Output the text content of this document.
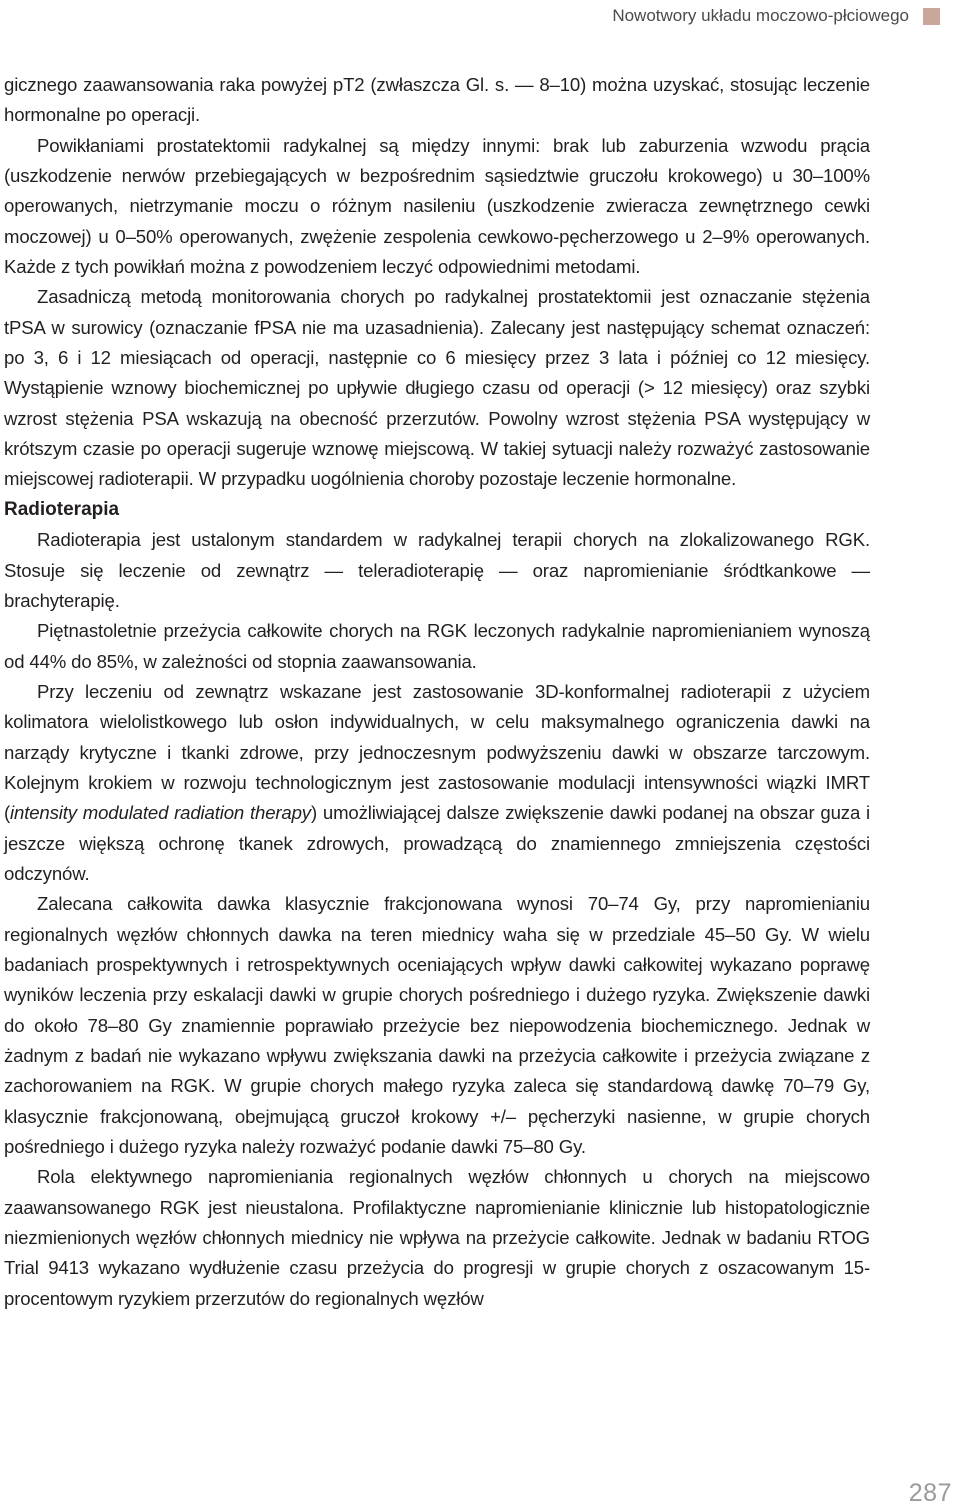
Nowotwory układu moczowo-płciowego

gicznego zaawansowania raka powyżej pT2 (zwłaszcza Gl. s. — 8–10) można uzyskać, stosując leczenie hormonalne po operacji.

Powikłaniami prostatektomii radykalnej są między innymi: brak lub zaburzenia wzwodu prącia (uszkodzenie nerwów przebiegających w bezpośrednim sąsiedztwie gruczołu krokowego) u 30–100% operowanych, nietrzymanie moczu o różnym nasileniu (uszkodzenie zwieracza zewnętrznego cewki moczowej) u 0–50% operowanych, zwężenie zespolenia cewkowo-pęcherzowego u 2–9% operowanych. Każde z tych powikłań można z powodzeniem leczyć odpowiednimi metodami.

Zasadniczą metodą monitorowania chorych po radykalnej prostatektomii jest oznaczanie stężenia tPSA w surowicy (oznaczanie fPSA nie ma uzasadnienia). Zalecany jest następujący schemat oznaczeń: po 3, 6 i 12 miesiącach od operacji, następnie co 6 miesięcy przez 3 lata i później co 12 miesięcy. Wystąpienie wznowy biochemicznej po upływie długiego czasu od operacji (> 12 miesięcy) oraz szybki wzrost stężenia PSA wskazują na obecność przerzutów. Powolny wzrost stężenia PSA występujący w krótszym czasie po operacji sugeruje wznowę miejscową. W takiej sytuacji należy rozważyć zastosowanie miejscowej radioterapii. W przypadku uogólnienia choroby pozostaje leczenie hormonalne.

Radioterapia

Radioterapia jest ustalonym standardem w radykalnej terapii chorych na zlokalizowanego RGK. Stosuje się leczenie od zewnątrz — teleradioterapię — oraz napromienianie śródtkankowe — brachyterapię.

Piętnastoletnie przeżycia całkowite chorych na RGK leczonych radykalnie napromienianiem wynoszą od 44% do 85%, w zależności od stopnia zaawansowania.

Przy leczeniu od zewnątrz wskazane jest zastosowanie 3D-konformalnej radioterapii z użyciem kolimatora wielolistkowego lub osłon indywidualnych, w celu maksymalnego ograniczenia dawki na narządy krytyczne i tkanki zdrowe, przy jednoczesnym podwyższeniu dawki w obszarze tarczowym. Kolejnym krokiem w rozwoju technologicznym jest zastosowanie modulacji intensywności wiązki IMRT (intensity modulated radiation therapy) umożliwiającej dalsze zwiększenie dawki podanej na obszar guza i jeszcze większą ochronę tkanek zdrowych, prowadzącą do znamiennego zmniejszenia częstości odczynów.

Zalecana całkowita dawka klasycznie frakcjonowana wynosi 70–74 Gy, przy napromienianiu regionalnych węzłów chłonnych dawka na teren miednicy waha się w przedziale 45–50 Gy. W wielu badaniach prospektywnych i retrospektywnych oceniających wpływ dawki całkowitej wykazano poprawę wyników leczenia przy eskalacji dawki w grupie chorych pośredniego i dużego ryzyka. Zwiększenie dawki do około 78–80 Gy znamiennie poprawiało przeżycie bez niepowodzenia biochemicznego. Jednak w żadnym z badań nie wykazano wpływu zwiększania dawki na przeżycia całkowite i przeżycia związane z zachorowaniem na RGK. W grupie chorych małego ryzyka zaleca się standardową dawkę 70–79 Gy, klasycznie frakcjonowaną, obejmującą gruczoł krokowy +/– pęcherzyki nasienne, w grupie chorych pośredniego i dużego ryzyka należy rozważyć podanie dawki 75–80 Gy.

Rola elektywnego napromieniania regionalnych węzłów chłonnych u chorych na miejscowo zaawansowanego RGK jest nieustalona. Profilaktyczne napromienianie klinicznie lub histopatologicznie niezmienionych węzłów chłonnych miednicy nie wpływa na przeżycie całkowite. Jednak w badaniu RTOG Trial 9413 wykazano wydłużenie czasu przeżycia do progresji w grupie chorych z oszacowanym 15-procentowym ryzykiem przerzutów do regionalnych węzłów

287
